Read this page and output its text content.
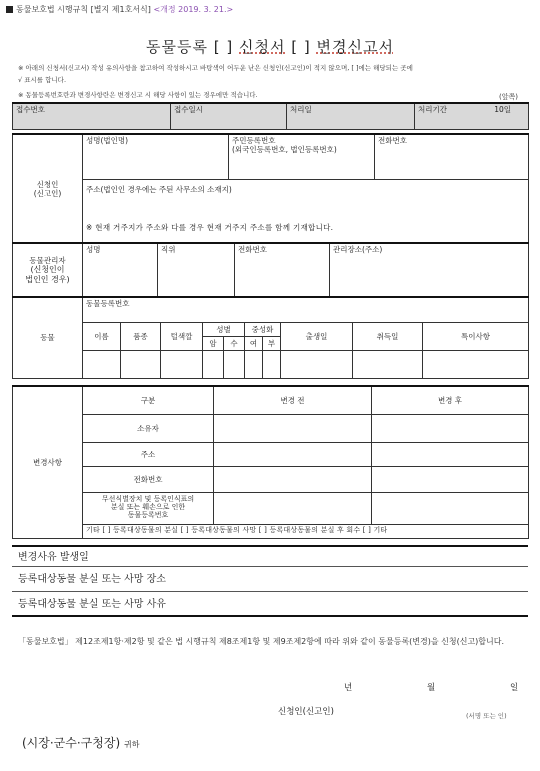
동물보호법 시행규칙 [별지 제1호서식] <개정 2019. 3. 21.>
동물등록 [ ] 신청서 [ ] 변경신고서
※ 아래의 신청서(신고서) 작성 유의사항을 참고하여 작성하시고 바탕색이 어두운 난은 신청인(신고인)이 적지 않으며, [ ]에는 해당되는 곳에
√ 표시를 합니다.
※ 동물등록번호란과 변경사항란은 변경신고 시 해당 사항이 있는 경우에만 적습니다.	(앞쪽)
접수번호	접수일시	처리일	처리기간	10일
신청인
(신고인)
	성명(법인명)	주민등록번호
(외국인등록번호, 법인등록번호)
	전화번호

주소(법인인 경우에는 주된 사무소의 소재지)
※ 현재 거주지가 주소와 다를 경우 현재 거주지 주소를 함께 기재합니다.
동물관리자
(신청인이
법인인 경우)
	성명	직위	전화번호	관리장소(주소)
동물	동물등록번호									
	이름	품종	털색깔	성별		중성화		출생일	취득일	특이사항
				암	수	여	부			

변경사항	구분	변경 전	변경 후
	소유자		
	주소		
	전화번호		

	무선식별장치 및 등록인식표의
분실 또는 훼손으로 인한
동물등록번호		

	기타 [ ] 등록대상동물의 분실 [ ] 등록대상동물의 사망 [ ] 등록대상동물의 분실 후 회수 [ ] 기타		
변경사유 발생일
등록대상동물 분실 또는 사망 장소
등록대상동물 분실 또는 사망 사유
「동물보호법」 제12조제1항·제2항 및 같은 법 시행규칙 제8조제1항 및 제9조제2항에 따라 위와 같이 동물등록(변경)을 신청(신고)합니다.
년	월	일
신청인(신고인)	(서명 또는 인)
(시장·군수·구청장) 귀하
